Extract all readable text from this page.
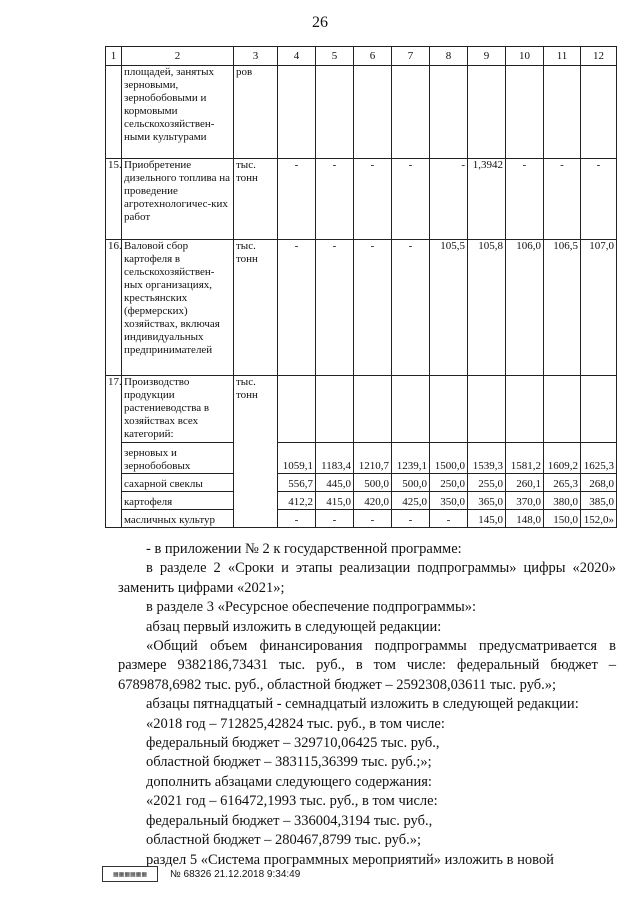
26
1	2	3	4	5	6	7	8	9	10	11	12
	площадей, занятых зерновыми, зернобобовыми и кормовыми сельскохозяйствен-ными культурами	ров									
15.	Приобретение дизельного топлива на проведение агротехнологичес-ких работ	тыс. тонн	-	-	-	-	-	1,3942	-	-	-
16.	Валовой сбор картофеля в сельскохозяйствен-ных организациях, крестьянских (фермерских) хозяйствах, включая индивидуальных предпринимателей	тыс. тонн	-	-	-	-	105,5	105,8	106,0	106,5	107,0
17.	Производство продукции растениеводства в хозяйствах всех категорий:	тыс. тонн									
	зерновых и зернобобовых		1059,1	1183,4	1210,7	1239,1	1500,0	1539,3	1581,2	1609,2	1625,3
	сахарной свеклы		556,7	445,0	500,0	500,0	250,0	255,0	260,1	265,3	268,0
	картофеля		412,2	415,0	420,0	425,0	350,0	365,0	370,0	380,0	385,0
	масличных культур		-	-	-	-	-	145,0	148,0	150,0	152,0»

- в приложении № 2 к государственной программе:

в разделе 2 «Сроки и этапы реализации подпрограммы» цифры «2020» заменить цифрами «2021»;

в разделе 3 «Ресурсное обеспечение подпрограммы»:

абзац первый изложить в следующей редакции:

«Общий объем финансирования подпрограммы предусматривается в размере 9382186,73431 тыс. руб., в том числе: федеральный бюджет – 6789878,6982 тыс. руб., областной бюджет – 2592308,03611 тыс. руб.»;

абзацы пятнадцатый - семнадцатый изложить в следующей редакции:

«2018 год – 712825,42824 тыс. руб., в том числе:

федеральный бюджет – 329710,06425 тыс. руб.,

областной бюджет – 383115,36399 тыс. руб.;»;

дополнить абзацами следующего содержания:

«2021 год – 616472,1993 тыс. руб., в том числе:

федеральный бюджет – 336004,3194 тыс. руб.,

областной бюджет – 280467,8799 тыс. руб.»;

раздел 5 «Система программных мероприятий» изложить в новой

▦▦▦▦▦▦	№ 68326 21.12.2018 9:34:49
